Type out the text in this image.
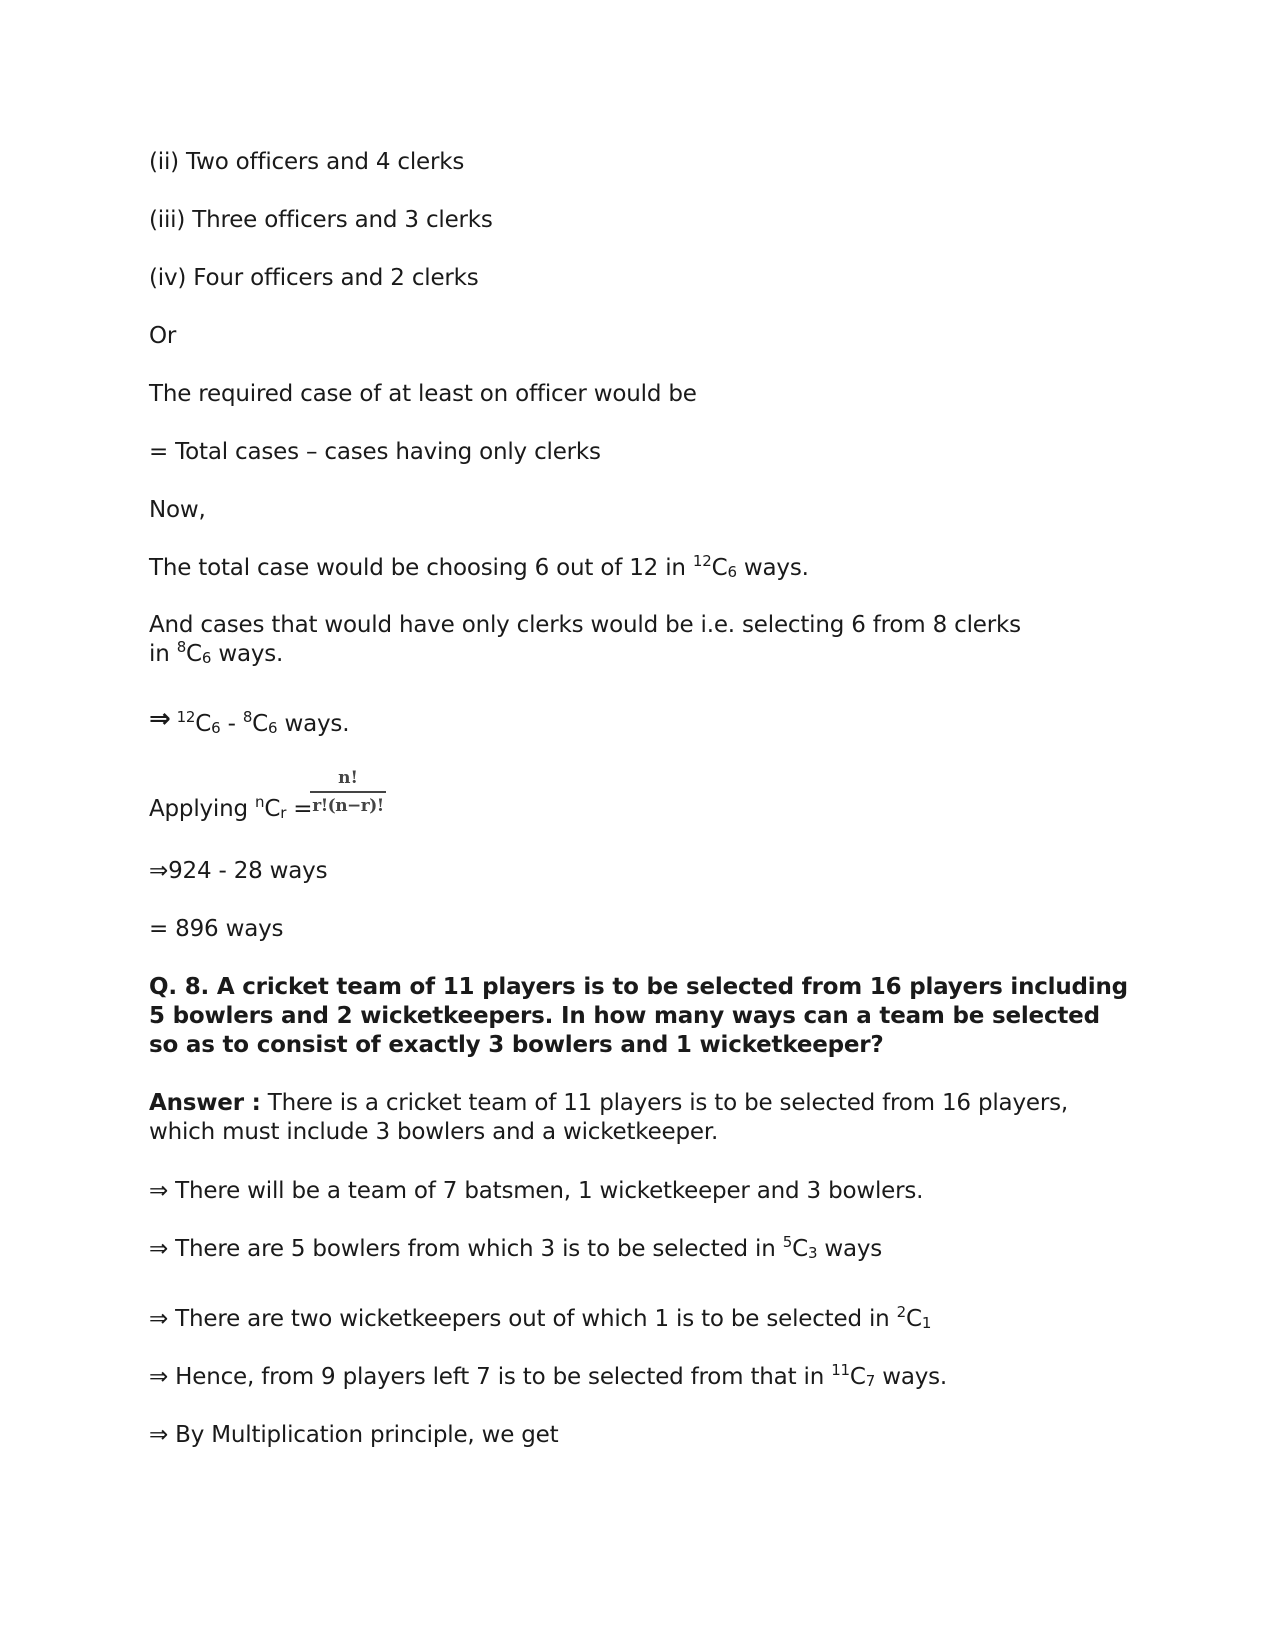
(ii) Two officers and 4 clerks
(iii) Three officers and 3 clerks
(iv) Four officers and 2 clerks
Or
The required case of at least on officer would be
= Total cases – cases having only clerks
Now,
The total case would be choosing 6 out of 12 in $^{12}C_6$ ways.
And cases that would have only clerks would be i.e. selecting 6 from 8 clerks
in $^8C_6$ ways.
⇒ $^{12}C_6 - ^8C_6$ ways.
Applying $^nC_r$ =
n!
r!(n−r)!
⇒924 - 28 ways
= 896 ways
Q. 8. A cricket team of 11 players is to be selected from 16 players including 5 bowlers and 2 wicketkeepers. In how many ways can a team be selected so as to consist of exactly 3 bowlers and 1 wicketkeeper?
Answer : There is a cricket team of 11 players is to be selected from 16 players, which must include 3 bowlers and a wicketkeeper.
⇒ There will be a team of 7 batsmen, 1 wicketkeeper and 3 bowlers.
⇒ There are 5 bowlers from which 3 is to be selected in $^5C_3$ ways
⇒ There are two wicketkeepers out of which 1 is to be selected in $^2C_1$
⇒ Hence, from 9 players left 7 is to be selected from that in $^{11}C_7$ ways.
⇒ By Multiplication principle, we get
